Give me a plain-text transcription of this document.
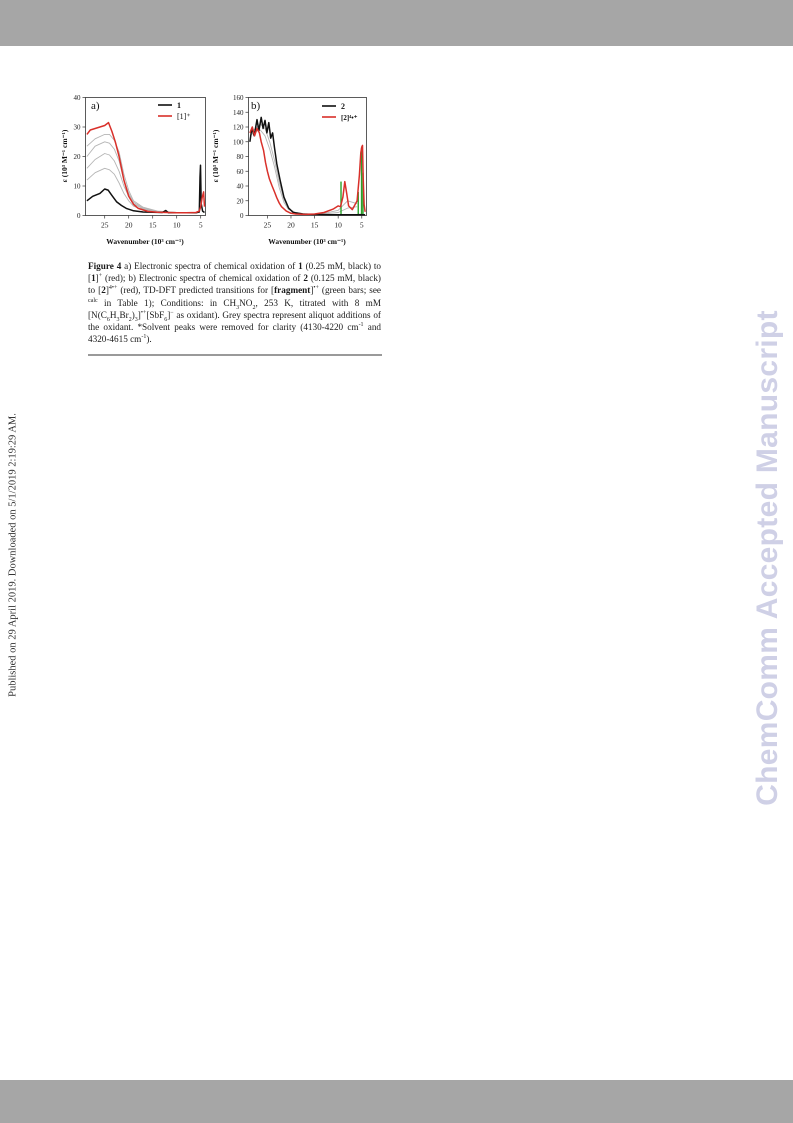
Published on 29 April 2019. Downloaded on 5/1/2019 2:19:29 AM.	ChemComm Accepted Manuscript
25 20 15 10 5
0
10
20
30
40
a)	1
[1]⁺
ε (10³ M⁻¹ cm⁻¹)
Wavenumber (10³ cm⁻¹)
25 20 15 10 5
0
20
40
60
80
100
120
140
160
b)	2
[2]⁴•⁺
ε (10³ M⁻¹ cm⁻¹)
Wavenumber (10³ cm⁻¹)
Figure 4 a) Electronic spectra of chemical oxidation of 1 (0.25 mM, black) to [1]+ (red); b) Electronic spectra of chemical oxidation of 2 (0.125 mM, black) to $[2]^{4•+}$ (red), TD-DFT predicted transitions for [fragment]•+ (green bars; see $^{calc}$ in Table 1); Conditions: in $CH_3NO_2$, 253 K, titrated with 8 mM $[N(C_6H_3Br_2)_3]^{•+}[SbF_6]^-$ as oxidant). Grey spectra represent aliquot additions of the oxidant. *Solvent peaks were removed for clarity (4130-4220 $cm^{-1}$ and 4320-4615 $cm^{-1}$).
